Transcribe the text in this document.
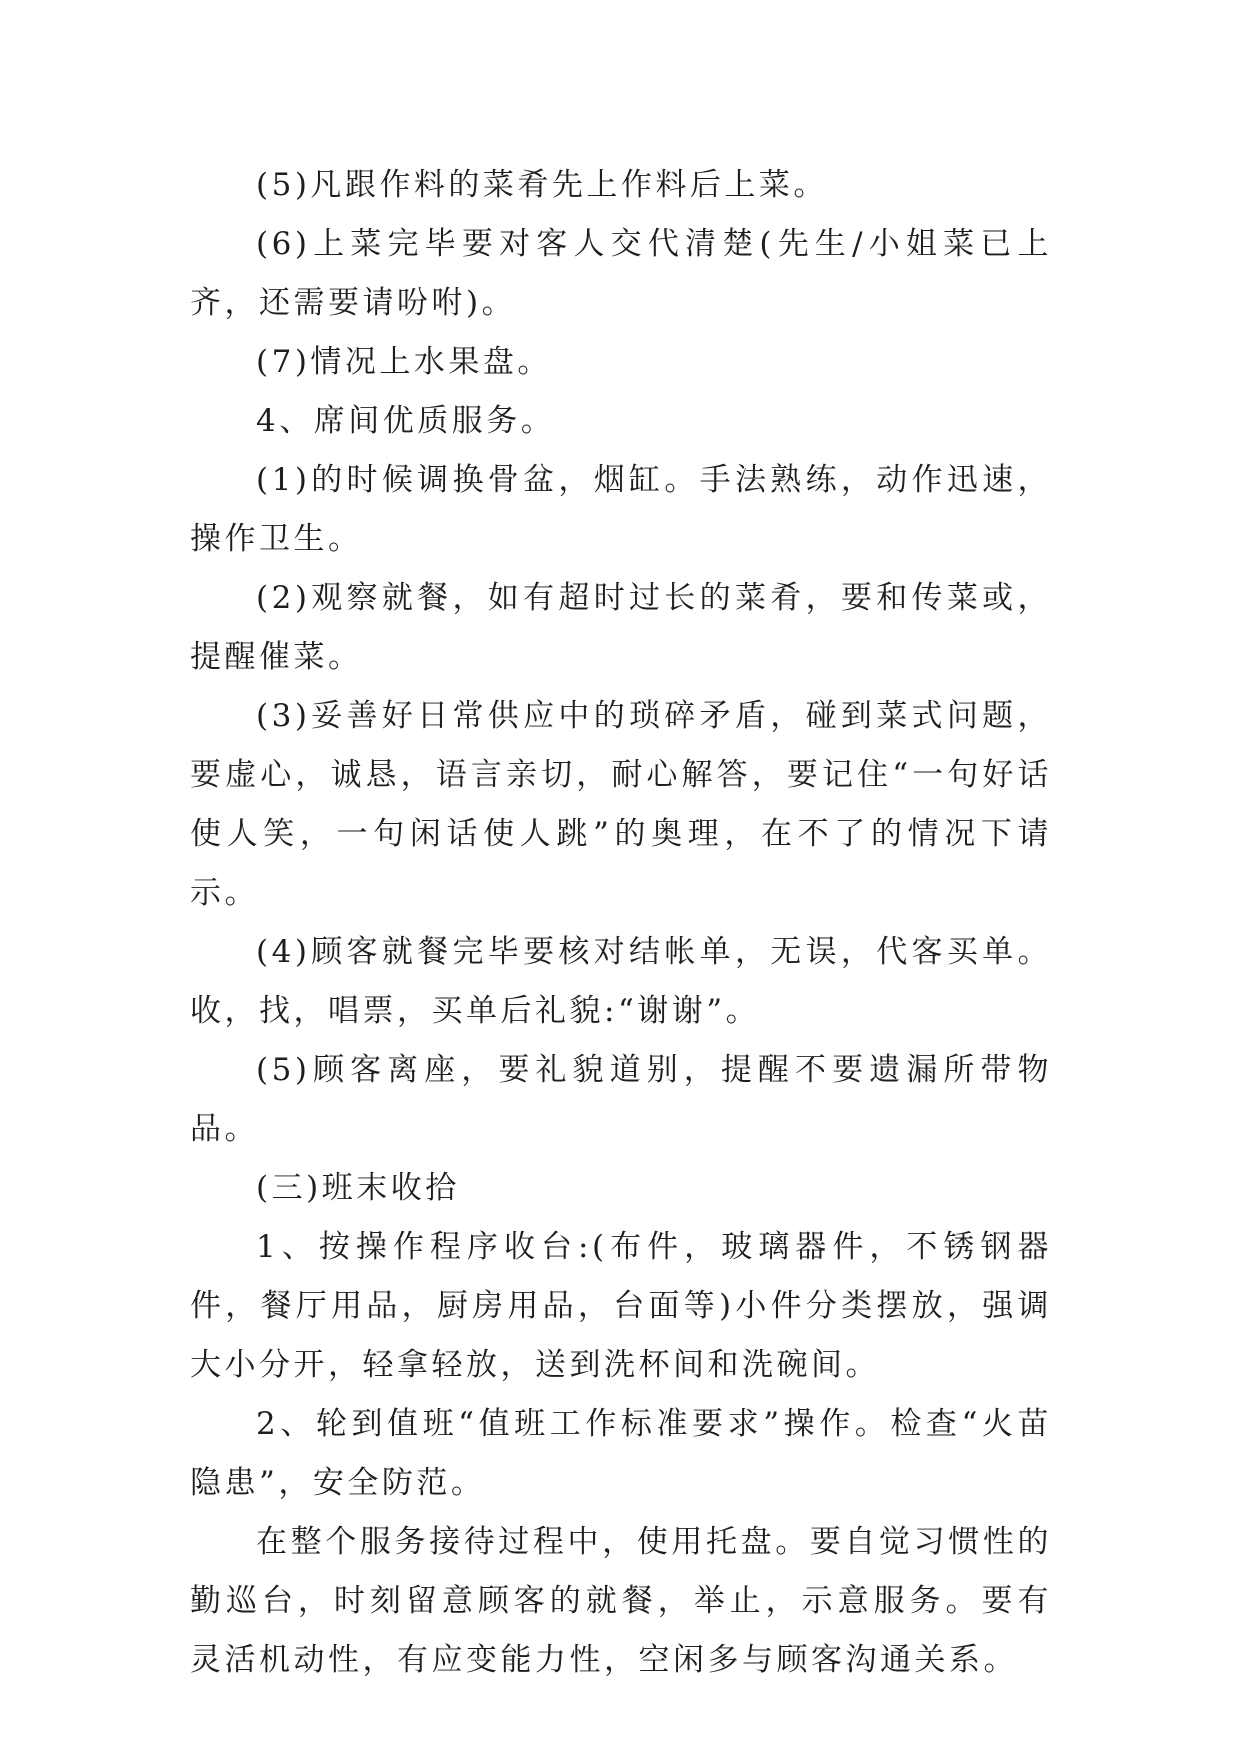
(5)凡跟作料的菜肴先上作料后上菜。

(6)上菜完毕要对客人交代清楚(先生/小姐菜已上齐，还需要请吩咐)。

(7)情况上水果盘。

4、席间优质服务。

(1)的时候调换骨盆，烟缸。手法熟练，动作迅速，操作卫生。

(2)观察就餐，如有超时过长的菜肴，要和传菜或，提醒催菜。

(3)妥善好日常供应中的琐碎矛盾，碰到菜式问题，要虚心，诚恳，语言亲切，耐心解答，要记住“一句好话使人笑，一句闲话使人跳”的奥理，在不了的情况下请示。

(4)顾客就餐完毕要核对结帐单，无误，代客买单。收，找，唱票，买单后礼貌:“谢谢”。

(5)顾客离座，要礼貌道别，提醒不要遗漏所带物品。

(三)班末收拾

1、按操作程序收台:(布件，玻璃器件，不锈钢器件，餐厅用品，厨房用品，台面等)小件分类摆放，强调大小分开，轻拿轻放，送到洗杯间和洗碗间。

2、轮到值班“值班工作标准要求”操作。检查“火苗隐患”，安全防范。

在整个服务接待过程中，使用托盘。要自觉习惯性的勤巡台，时刻留意顾客的就餐，举止，示意服务。要有灵活机动性，有应变能力性，空闲多与顾客沟通关系。
